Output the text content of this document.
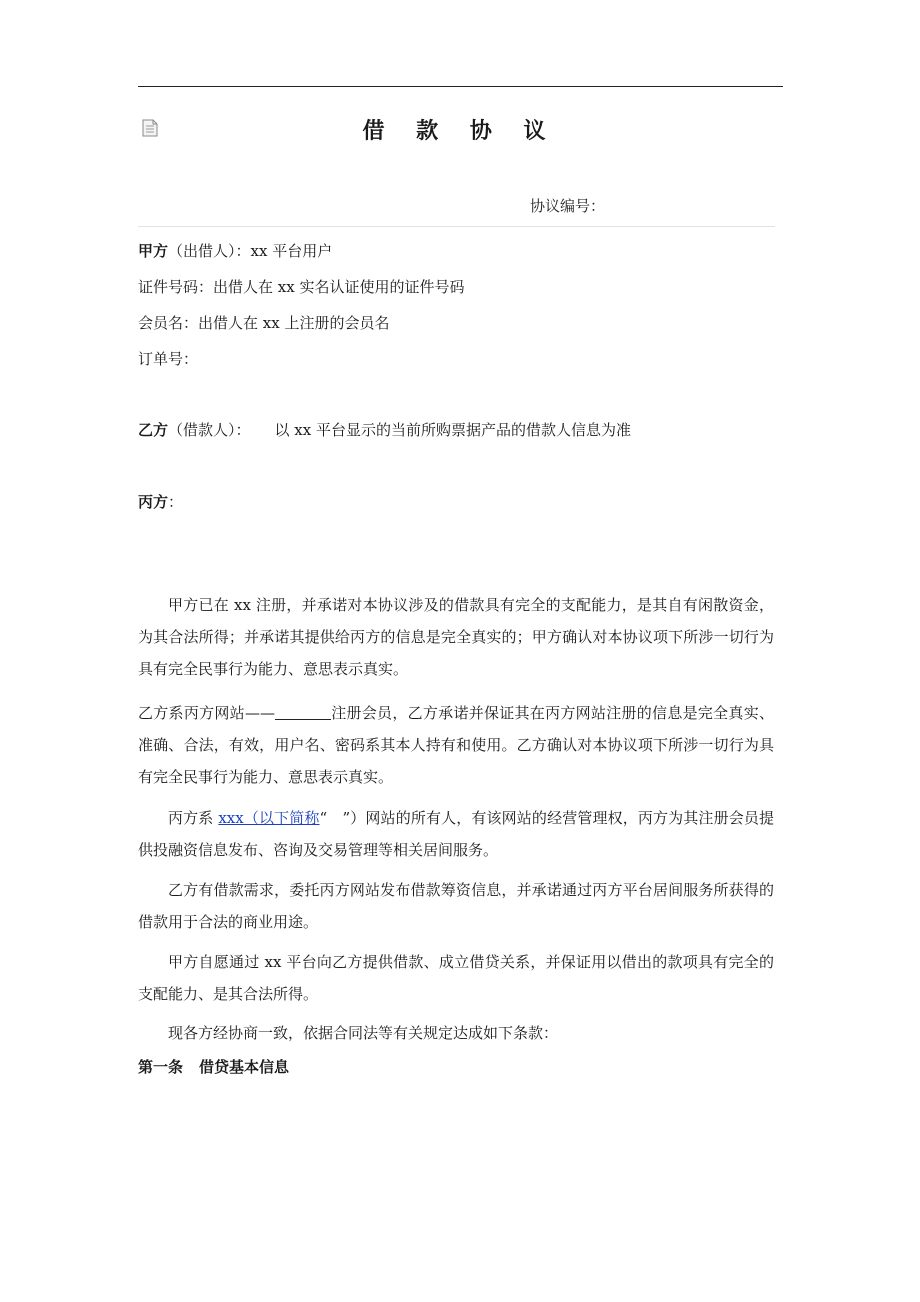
借 款 协 议
协议编号：
甲方（出借人）：xx 平台用户
证件号码：出借人在 xx 实名认证使用的证件号码
会员名：出借人在 xx 上注册的会员名
订单号：
乙方（借款人）： 以 xx 平台显示的当前所购票据产品的借款人信息为准
丙方：

甲方已在 xx 注册，并承诺对本协议涉及的借款具有完全的支配能力，是其自有闲散资金，为其合法所得；并承诺其提供给丙方的信息是完全真实的；甲方确认对本协议项下所涉一切行为具有完全民事行为能力、意思表示真实。

乙方系丙方网站——	注册会员，乙方承诺并保证其在丙方网站注册的信息是完全真实、准确、合法，有效，用户名、密码系其本人持有和使用。乙方确认对本协议项下所涉一切行为具有完全民事行为能力、意思表示真实。

丙方系 xxx（以下简称“　”）网站的所有人，有该网站的经营管理权，丙方为其注册会员提供投融资信息发布、咨询及交易管理等相关居间服务。

乙方有借款需求，委托丙方网站发布借款筹资信息，并承诺通过丙方平台居间服务所获得的借款用于合法的商业用途。

甲方自愿通过 xx 平台向乙方提供借款、成立借贷关系，并保证用以借出的款项具有完全的支配能力、是其合法所得。

现各方经协商一致，依据合同法等有关规定达成如下条款：

第一条 借贷基本信息
